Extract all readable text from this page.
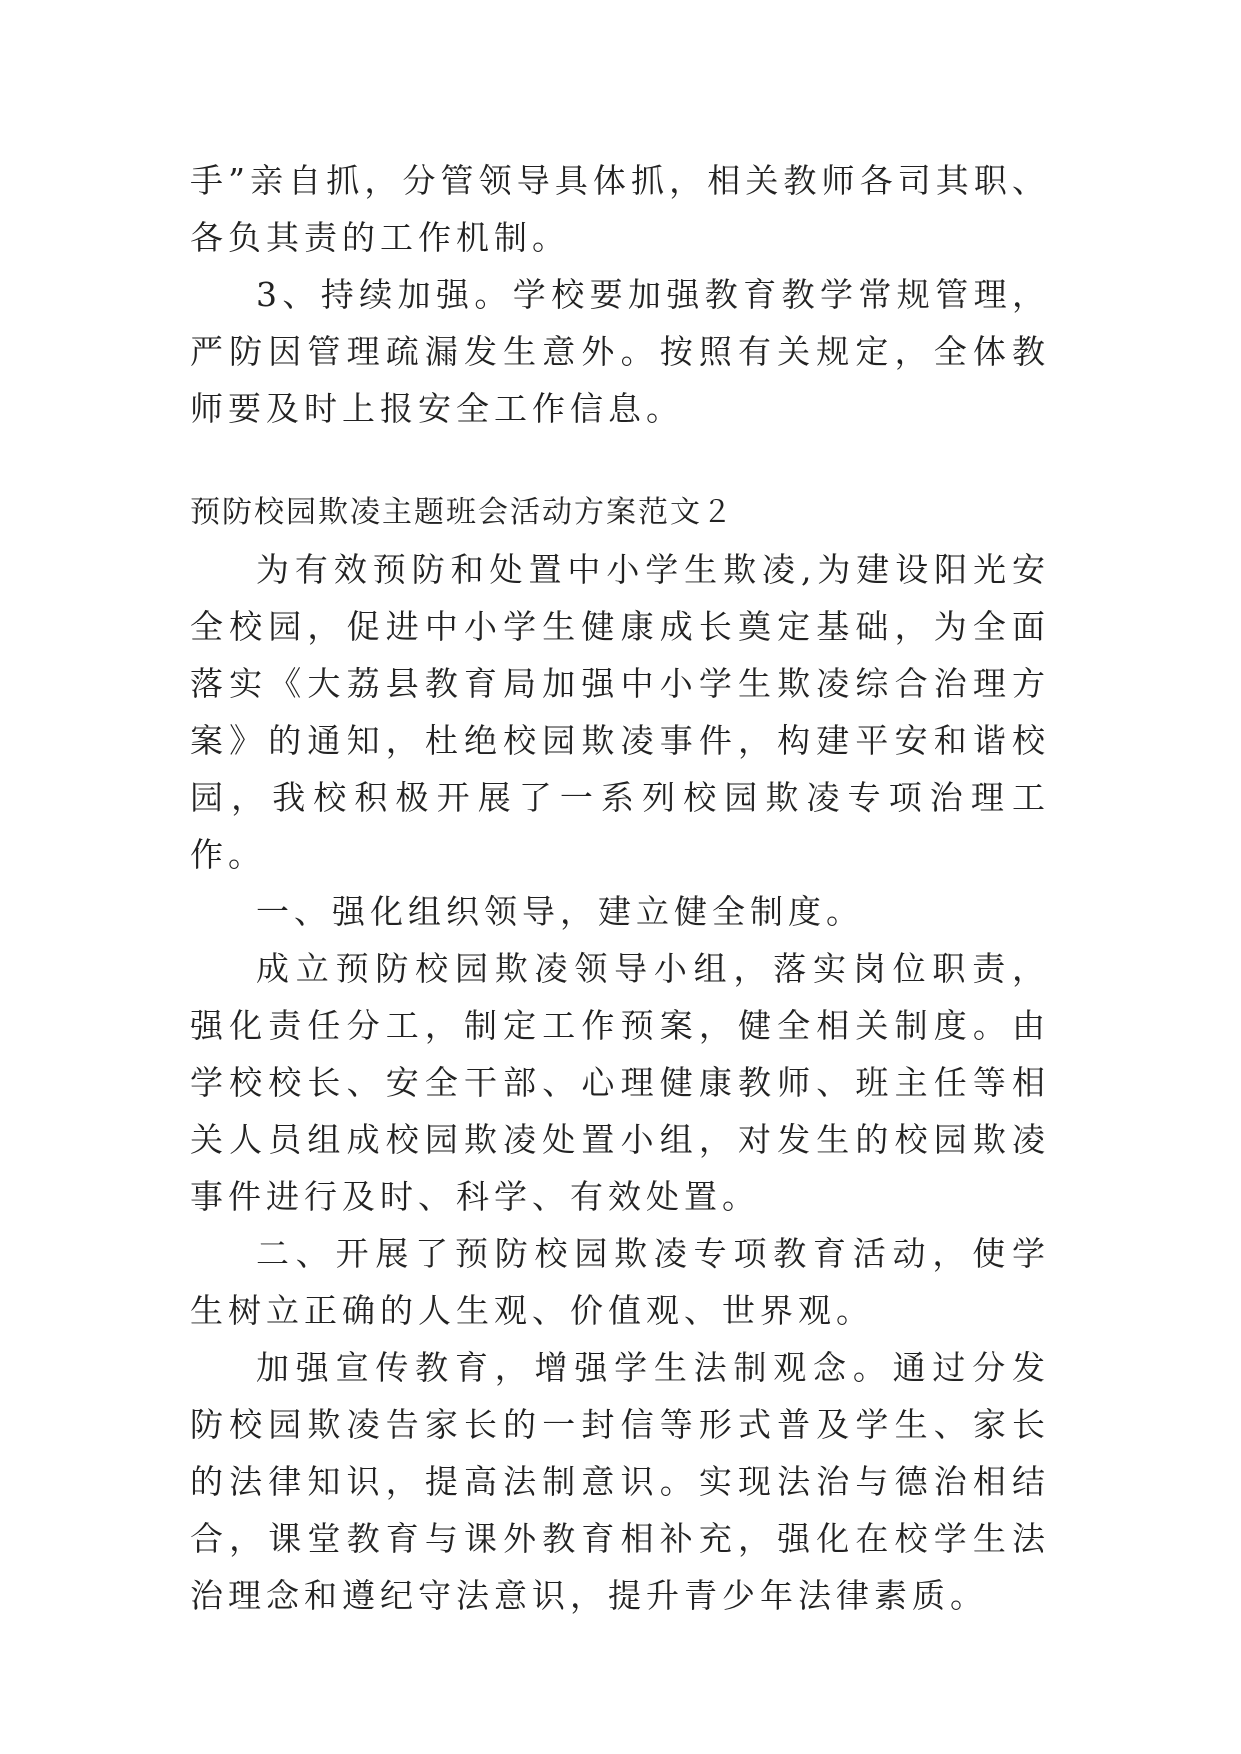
手”亲自抓，分管领导具体抓，相关教师各司其职、各负其责的工作机制。

3、持续加强。学校要加强教育教学常规管理，严防因管理疏漏发生意外。按照有关规定，全体教师要及时上报安全工作信息。

预防校园欺凌主题班会活动方案范文２

为有效预防和处置中小学生欺凌,为建设阳光安全校园，促进中小学生健康成长奠定基础，为全面落实《大荔县教育局加强中小学生欺凌综合治理方案》的通知，杜绝校园欺凌事件，构建平安和谐校园，我校积极开展了一系列校园欺凌专项治理工作。

一、强化组织领导，建立健全制度。

成立预防校园欺凌领导小组，落实岗位职责，强化责任分工，制定工作预案，健全相关制度。由学校校长、安全干部、心理健康教师、班主任等相关人员组成校园欺凌处置小组，对发生的校园欺凌事件进行及时、科学、有效处置。

二、开展了预防校园欺凌专项教育活动，使学生树立正确的人生观、价值观、世界观。

加强宣传教育，增强学生法制观念。通过分发防校园欺凌告家长的一封信等形式普及学生、家长的法律知识，提高法制意识。实现法治与德治相结合，课堂教育与课外教育相补充，强化在校学生法治理念和遵纪守法意识，提升青少年法律素质。
